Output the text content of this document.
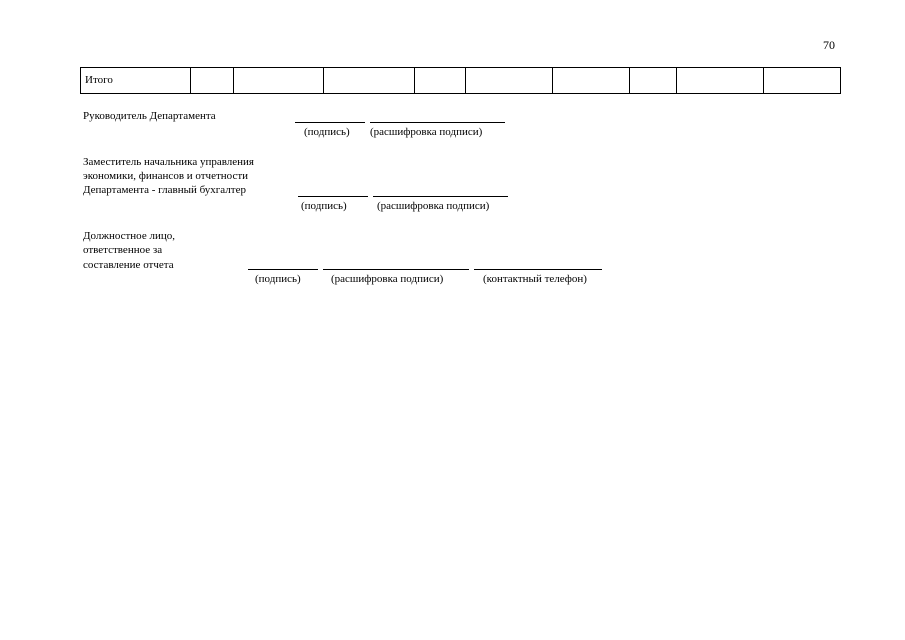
70
Итого									
Руководитель Департамента
(подпись) (расшифровка подписи)
Заместитель начальника управления
экономики, финансов и отчетности
Департамента - главный бухгалтер
(подпись)	(расшифровка подписи)
Должностное лицо,
ответственное за
составление отчета
(подпись)	(расшифровка подписи)	(контактный телефон)
